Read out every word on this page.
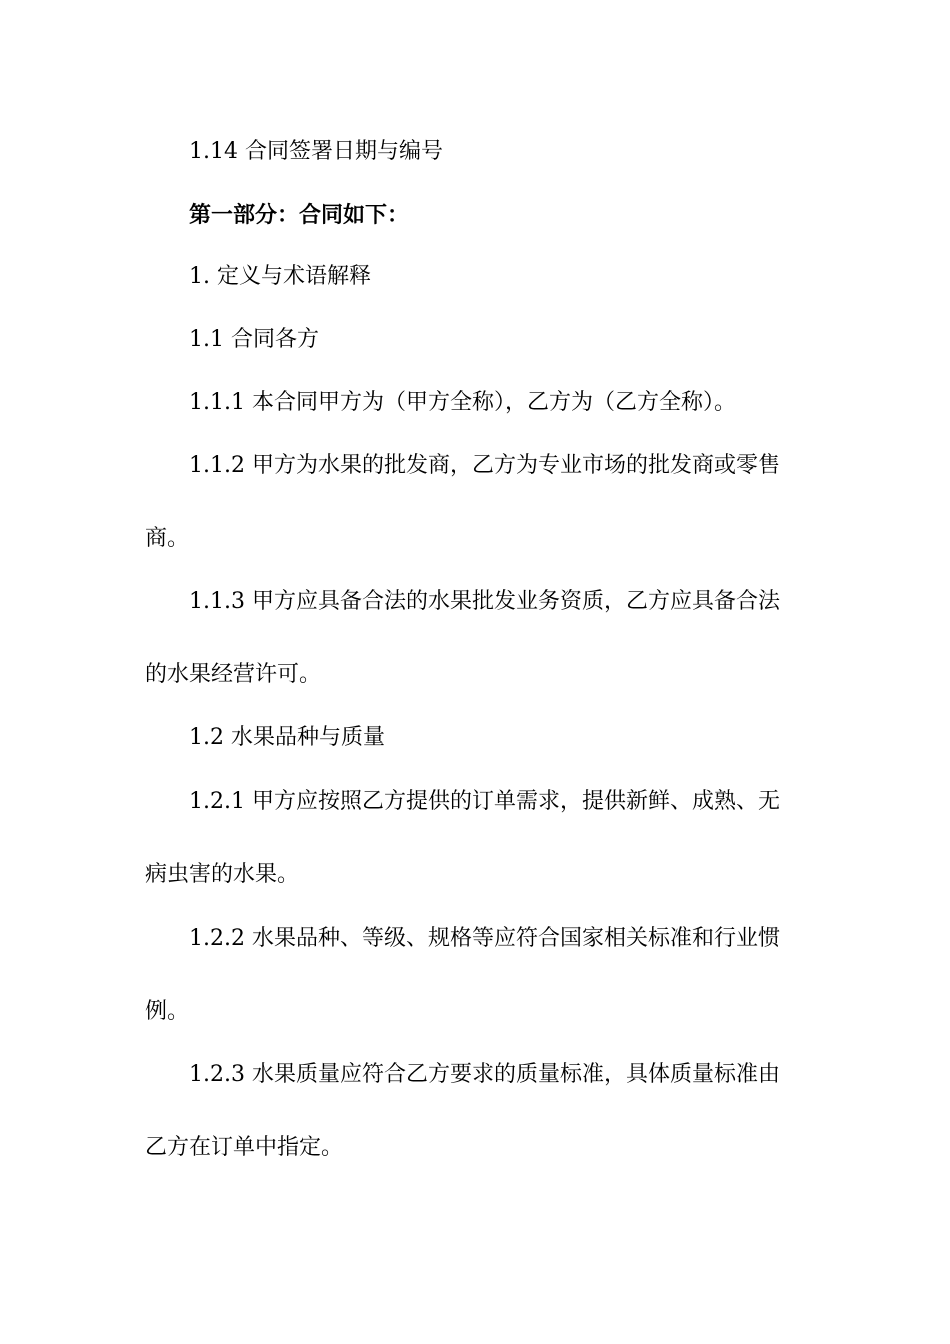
1.14 合同签署日期与编号
第一部分：合同如下：
1. 定义与术语解释
1.1 合同各方
1.1.1 本合同甲方为（甲方全称），乙方为（乙方全称）。
1.1.2 甲方为水果的批发商，乙方为专业市场的批发商或零售
商。
1.1.3 甲方应具备合法的水果批发业务资质，乙方应具备合法
的水果经营许可。
1.2 水果品种与质量
1.2.1 甲方应按照乙方提供的订单需求，提供新鲜、成熟、无
病虫害的水果。
1.2.2 水果品种、等级、规格等应符合国家相关标准和行业惯
例。
1.2.3 水果质量应符合乙方要求的质量标准，具体质量标准由
乙方在订单中指定。
